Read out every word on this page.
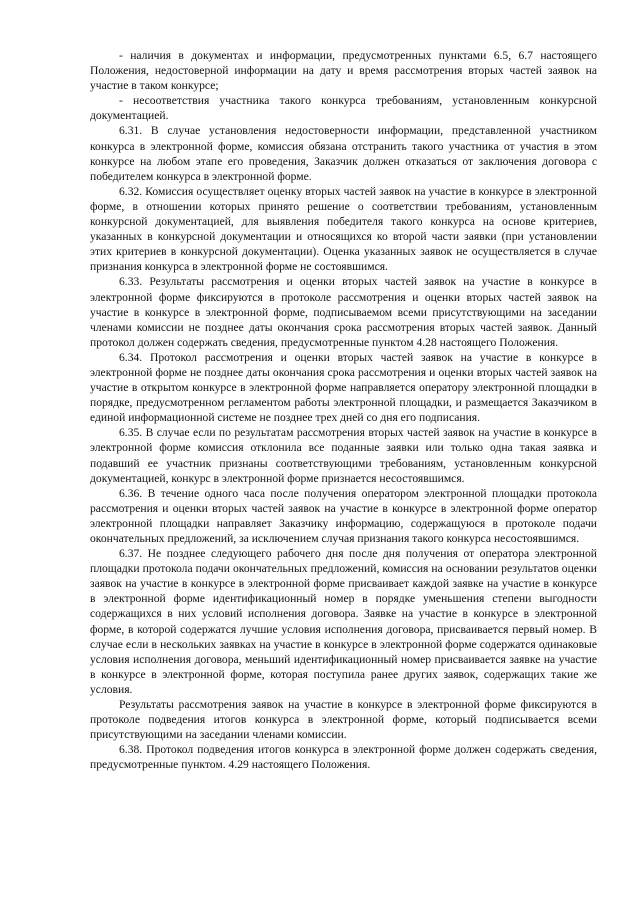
- наличия в документах и информации, предусмотренных пунктами 6.5, 6.7 настоящего Положения, недостоверной информации на дату и время рассмотрения вторых частей заявок на участие в таком конкурсе;

- несоответствия участника такого конкурса требованиям, установленным конкурсной документацией.

6.31. В случае установления недостоверности информации, представленной участником конкурса в электронной форме, комиссия обязана отстранить такого участника от участия в этом конкурсе на любом этапе его проведения, Заказчик должен отказаться от заключения договора с победителем конкурса в электронной форме.

6.32. Комиссия осуществляет оценку вторых частей заявок на участие в конкурсе в электронной форме, в отношении которых принято решение о соответствии требованиям, установленным конкурсной документацией, для выявления победителя такого конкурса на основе критериев, указанных в конкурсной документации и относящихся ко второй части заявки (при установлении этих критериев в конкурсной документации). Оценка указанных заявок не осуществляется в случае признания конкурса в электронной форме не состоявшимся.

6.33. Результаты рассмотрения и оценки вторых частей заявок на участие в конкурсе в электронной форме фиксируются в протоколе рассмотрения и оценки вторых частей заявок на участие в конкурсе в электронной форме, подписываемом всеми присутствующими на заседании членами комиссии не позднее даты окончания срока рассмотрения вторых частей заявок. Данный протокол должен содержать сведения, предусмотренные пунктом 4.28 настоящего Положения.

6.34. Протокол рассмотрения и оценки вторых частей заявок на участие в конкурсе в электронной форме не позднее даты окончания срока рассмотрения и оценки вторых частей заявок на участие в открытом конкурсе в электронной форме направляется оператору электронной площадки в порядке, предусмотренном регламентом работы электронной площадки, и размещается Заказчиком в единой информационной системе не позднее трех дней со дня его подписания.

6.35. В случае если по результатам рассмотрения вторых частей заявок на участие в конкурсе в электронной форме комиссия отклонила все поданные заявки или только одна такая заявка и подавший ее участник признаны соответствующими требованиям, установленным конкурсной документацией, конкурс в электронной форме признается несостоявшимся.

6.36. В течение одного часа после получения оператором электронной площадки протокола рассмотрения и оценки вторых частей заявок на участие в конкурсе в электронной форме оператор электронной площадки направляет Заказчику информацию, содержащуюся в протоколе подачи окончательных предложений, за исключением случая признания такого конкурса несостоявшимся.

6.37. Не позднее следующего рабочего дня после дня получения от оператора электронной площадки протокола подачи окончательных предложений, комиссия на основании результатов оценки заявок на участие в конкурсе в электронной форме присваивает каждой заявке на участие в конкурсе в электронной форме идентификационный номер в порядке уменьшения степени выгодности содержащихся в них условий исполнения договора. Заявке на участие в конкурсе в электронной форме, в которой содержатся лучшие условия исполнения договора, присваивается первый номер. В случае если в нескольких заявках на участие в конкурсе в электронной форме содержатся одинаковые условия исполнения договора, меньший идентификационный номер присваивается заявке на участие в конкурсе в электронной форме, которая поступила ранее других заявок, содержащих такие же условия.

Результаты рассмотрения заявок на участие в конкурсе в электронной форме фиксируются в протоколе подведения итогов конкурса в электронной форме, который подписывается всеми присутствующими на заседании членами комиссии.

6.38. Протокол подведения итогов конкурса в электронной форме должен содержать сведения, предусмотренные пунктом. 4.29 настоящего Положения.
